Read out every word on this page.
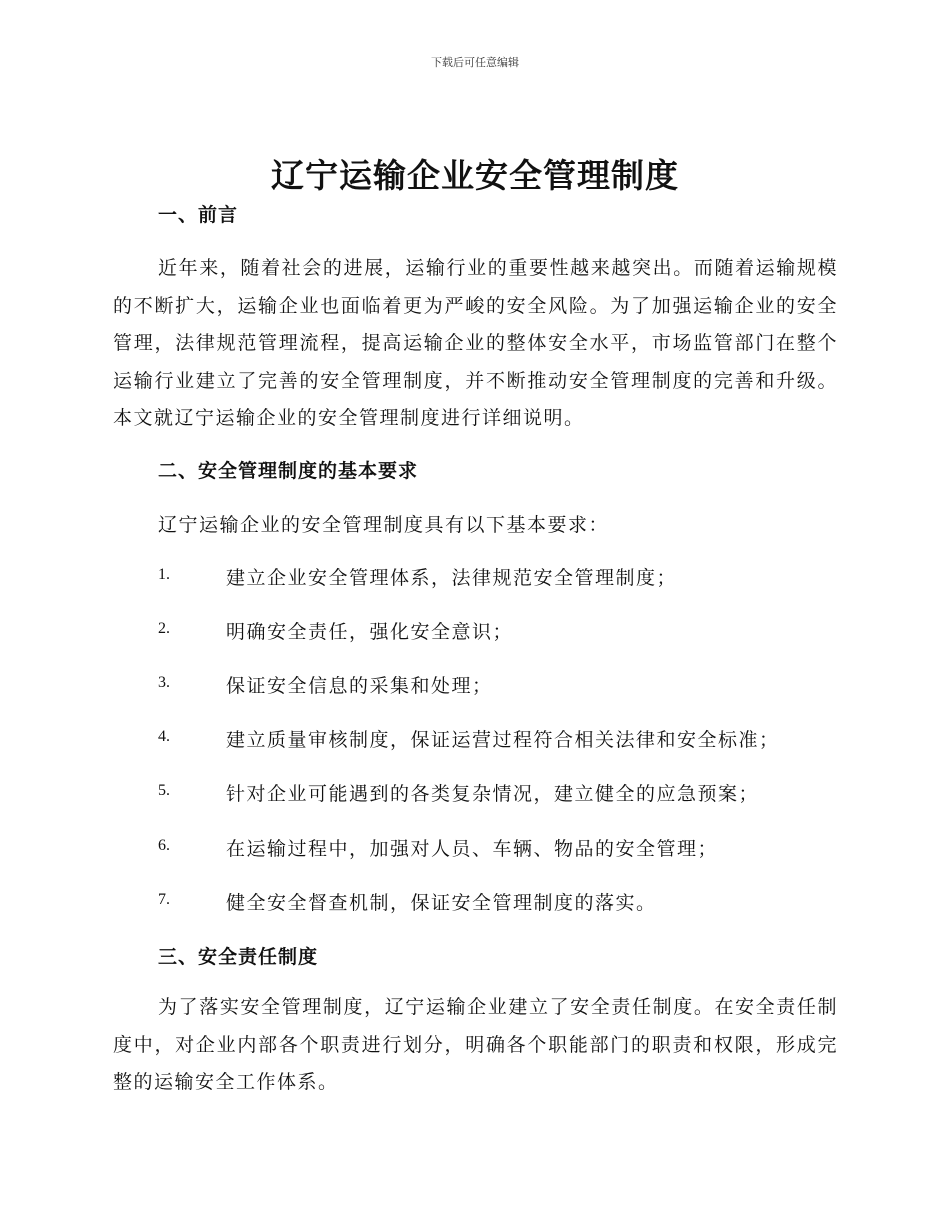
下载后可任意编辑
辽宁运输企业安全管理制度
一、前言
近年来，随着社会的进展，运输行业的重要性越来越突出。而随着运输规模的不断扩大，运输企业也面临着更为严峻的安全风险。为了加强运输企业的安全管理，法律规范管理流程，提高运输企业的整体安全水平，市场监管部门在整个运输行业建立了完善的安全管理制度，并不断推动安全管理制度的完善和升级。本文就辽宁运输企业的安全管理制度进行详细说明。
二、安全管理制度的基本要求
辽宁运输企业的安全管理制度具有以下基本要求：
1.	建立企业安全管理体系，法律规范安全管理制度；
2.	明确安全责任，强化安全意识；
3.	保证安全信息的采集和处理；
4.	建立质量审核制度，保证运营过程符合相关法律和安全标准；
5.	针对企业可能遇到的各类复杂情况，建立健全的应急预案；
6.	在运输过程中，加强对人员、车辆、物品的安全管理；
7.	健全安全督查机制，保证安全管理制度的落实。
三、安全责任制度
为了落实安全管理制度，辽宁运输企业建立了安全责任制度。在安全责任制度中，对企业内部各个职责进行划分，明确各个职能部门的职责和权限，形成完整的运输安全工作体系。
